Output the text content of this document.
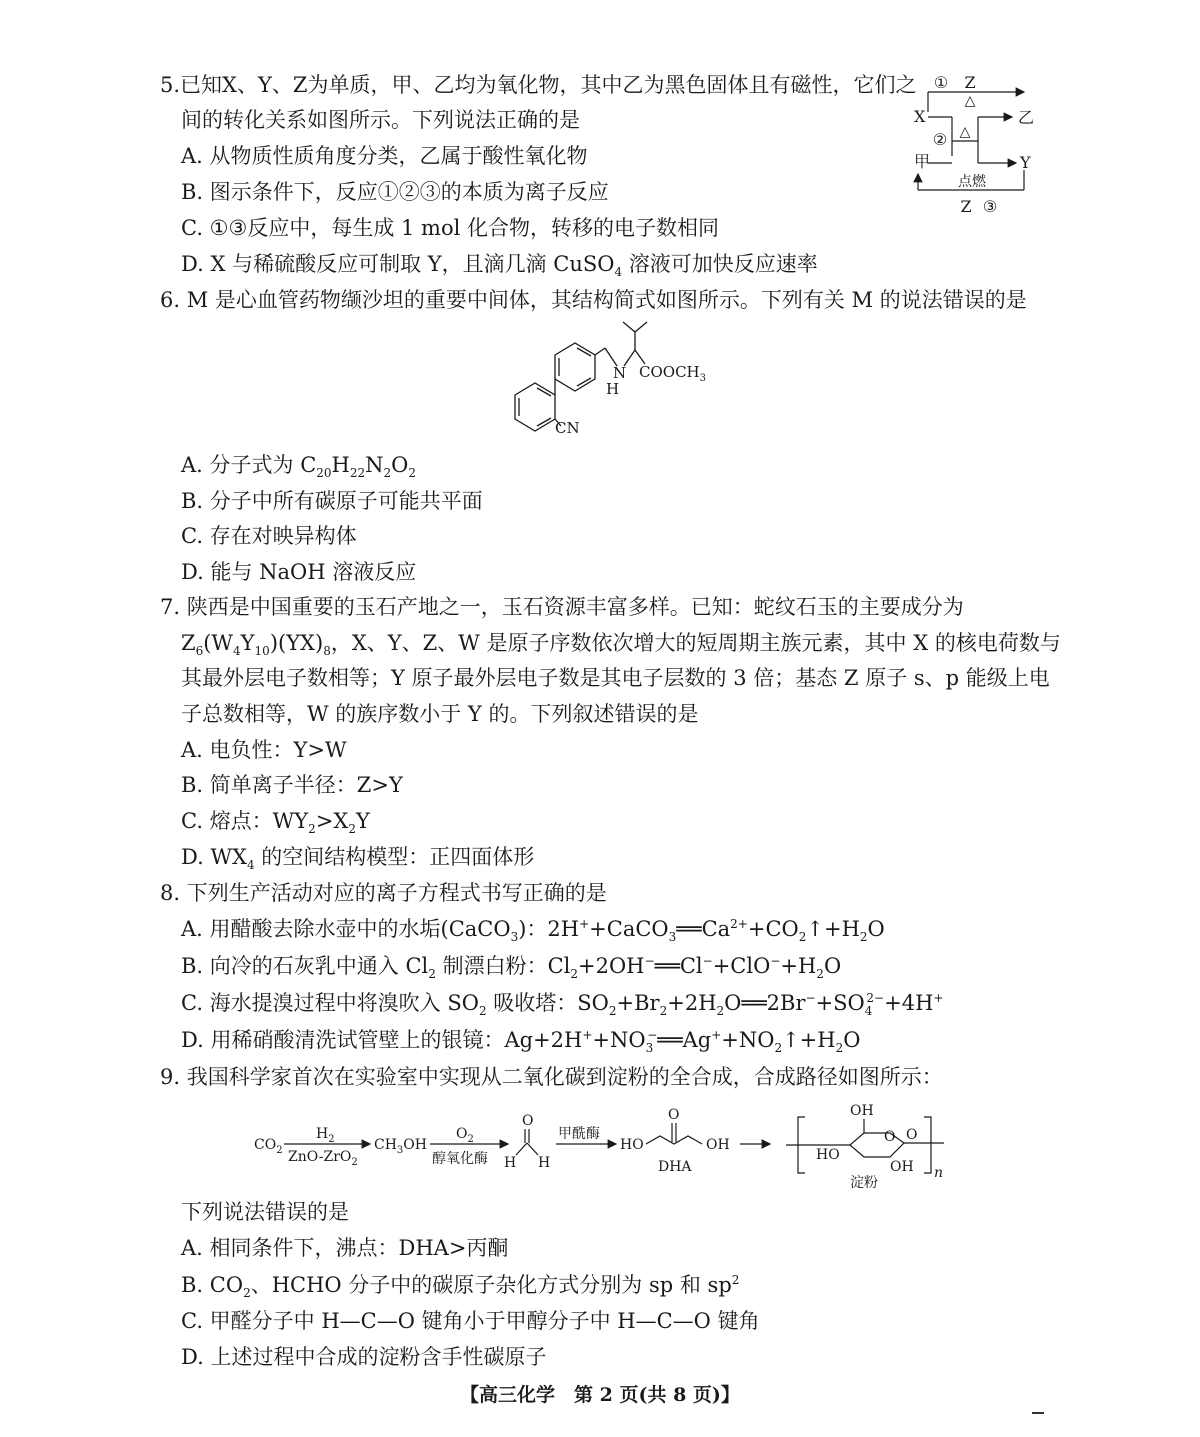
5.已知X、Y、Z为单质，甲、乙均为氧化物，其中乙为黑色固体且有磁性，它们之
间的转化关系如图所示。下列说法正确的是
A. 从物质性质角度分类，乙属于酸性氧化物
B. 图示条件下，反应①②③的本质为离子反应
C. ①③反应中，每生成 1 mol 化合物，转移的电子数相同
D. X 与稀硫酸反应可制取 Y，且滴几滴 CuSO$_4$ 溶液可加快反应速率
① Z
△
X
② △
乙
甲	Y
点燃
Z ③
6. M 是心血管药物缬沙坦的重要中间体，其结构简式如图所示。下列有关 M 的说法错误的是
N
H
$COOCH_3$
CN
A. 分子式为 $C_{20}H_{22}N_2O_2$
B. 分子中所有碳原子可能共平面
C. 存在对映异构体
D. 能与 NaOH 溶液反应
7. 陕西是中国重要的玉石产地之一，玉石资源丰富多样。已知：蛇纹石玉的主要成分为
$Z_6(W_4Y_{10})(YX)_8$，X、Y、Z、W 是原子序数依次增大的短周期主族元素，其中 X 的核电荷数与
其最外层电子数相等；Y 原子最外层电子数是其电子层数的 3 倍；基态 Z 原子 s、p 能级上电
子总数相等，W 的族序数小于 Y 的。下列叙述错误的是
A. 电负性：Y>W
B. 简单离子半径：Z>Y
C. 熔点：$WY_2>X_2Y$
D. $WX_4$ 的空间结构模型：正四面体形
8. 下列生产活动对应的离子方程式书写正确的是
A. 用醋酸去除水壶中的水垢(CaCO$_3$)：$2H^++CaCO_3══Ca^{2+}+CO_2↑+H_2O$
B. 向冷的石灰乳中通入 $Cl_2$ 制漂白粉：$Cl_2+2OH^-══Cl^-+ClO^-+H_2O$
C. 海水提溴过程中将溴吹入 $SO_2$ 吸收塔：$SO_2+Br_2+2H_2O══2Br^-+SO_4^{2-}+4H^+$
D. 用稀硝酸清洗试管壁上的银镜：$Ag+2H^++NO_3^-══Ag^++NO_2↑+H_2O$
9. 我国科学家首次在实验室中实现从二氧化碳到淀粉的全合成，合成路径如图所示：
$CO_2$
$H_2$
ZnO-ZrO$_2$
$CH_3OH$
$O_2$
醇氧化酶
O
H H
甲酰酶
HO
O
OH
DHA
OH
HO
OH
O O
淀粉
n
下列说法错误的是
A. 相同条件下，沸点：DHA>丙酮
B. $CO_2$、HCHO 分子中的碳原子杂化方式分别为 sp 和 $sp^2$
C. 甲醛分子中 H—C—O 键角小于甲醇分子中 H—C—O 键角
D. 上述过程中合成的淀粉含手性碳原子
【高三化学　第 2 页(共 8 页)】
